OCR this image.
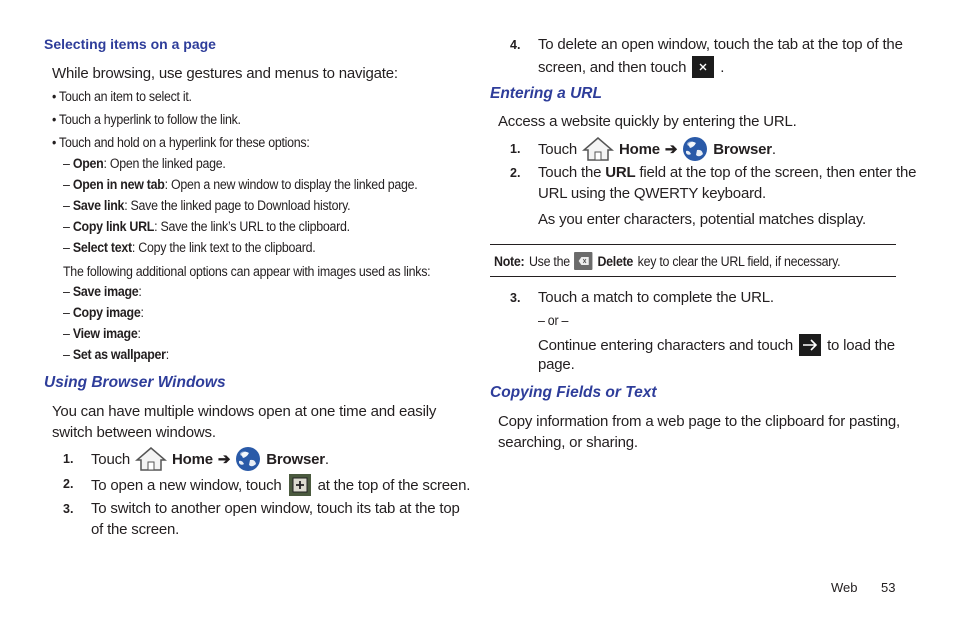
Selecting items on a page
While browsing, use gestures and menus to navigate:
• Touch an item to select it.
• Touch a hyperlink to follow the link.
• Touch and hold on a hyperlink for these options:
– Open: Open the linked page.
– Open in new tab: Open a new window to display the linked page.
– Save link: Save the linked page to Download history.
– Copy link URL: Save the link’s URL to the clipboard.
– Select text: Copy the link text to the clipboard.
The following additional options can appear with images used as links:
– Save image:
– Copy image:
– View image:
– Set as wallpaper:
Using Browser Windows
You can have multiple windows open at one time and easily
switch between windows.
1. Touch	Home ➔ Browser.
2. To open a new window, touch at the top of the screen.
3. To switch to another open window, touch its tab at the top
of the screen.
4. To delete an open window, touch the tab at the top of the
screen, and then touch .
Entering a URL
Access a website quickly by entering the URL.
1. Touch	Home ➔ Browser.
2. Touch the URL field at the top of the screen, then enter the
URL using the QWERTY keyboard.
As you enter characters, potential matches display.
Note: Use the Delete key to clear the URL field, if necessary.
3. Touch a match to complete the URL.
– or –
Continue entering characters and touch to load the
page.
Copying Fields or Text
Copy information from a web page to the clipboard for pasting,
searching, or sharing.
Web 53
